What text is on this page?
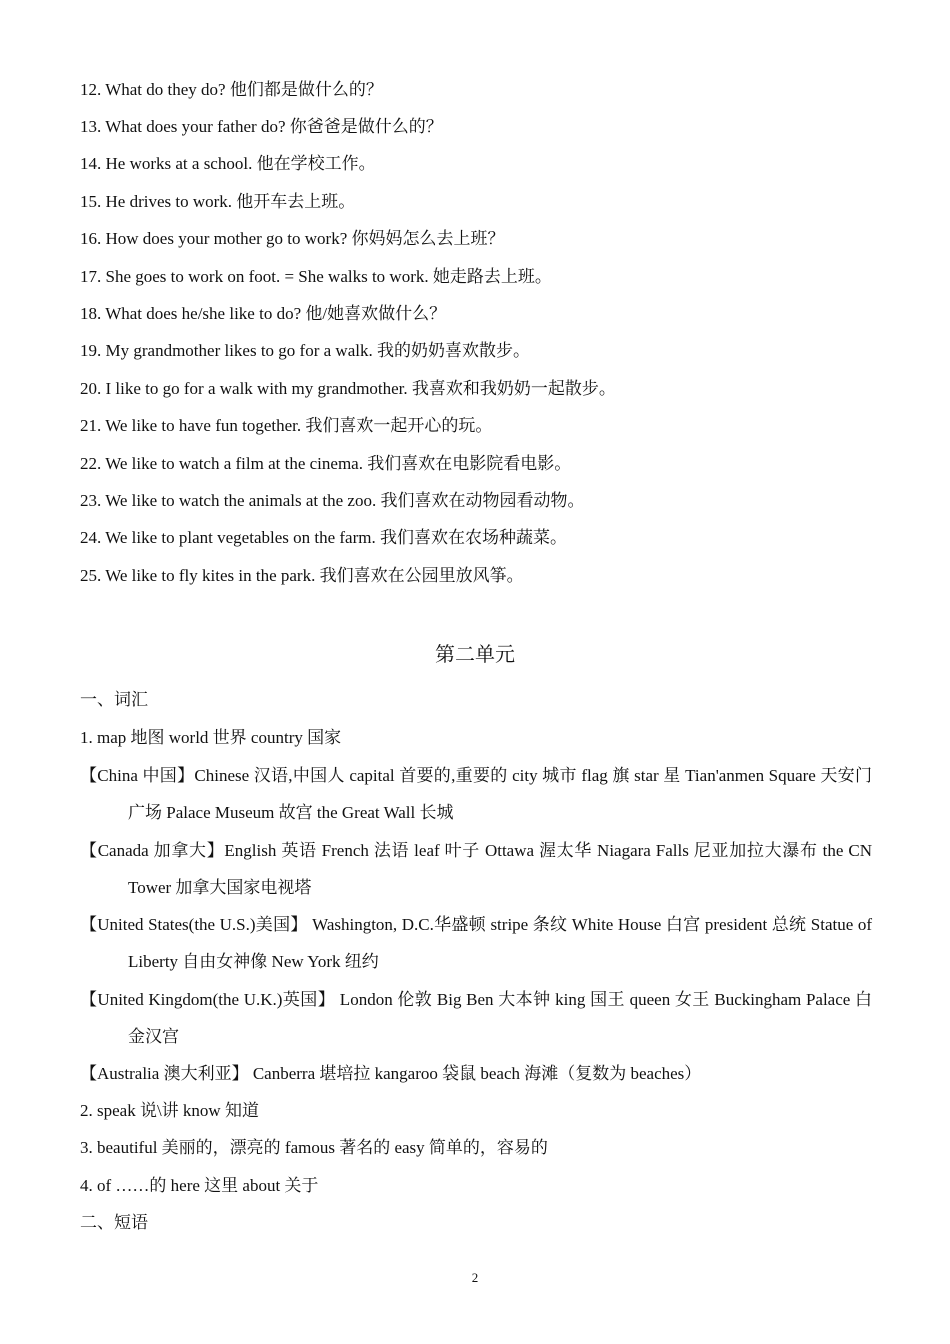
12. What do they do? 他们都是做什么的？
13. What does your father do? 你爸爸是做什么的？
14. He works at a school. 他在学校工作。
15. He drives to work. 他开车去上班。
16. How does your mother go to work? 你妈妈怎么去上班？
17. She goes to work on foot. = She walks to work. 她走路去上班。
18. What does he/she like to do? 他/她喜欢做什么？
19. My grandmother likes to go for a walk. 我的奶奶喜欢散步。
20. I like to go for a walk with my grandmother. 我喜欢和我奶奶一起散步。
21. We like to have fun together. 我们喜欢一起开心的玩。
22. We like to watch a film at the cinema. 我们喜欢在电影院看电影。
23. We like to watch the animals at the zoo. 我们喜欢在动物园看动物。
24. We like to plant vegetables on the farm. 我们喜欢在农场种蔬菜。
25. We like to fly kites in the park. 我们喜欢在公园里放风筝。
第二单元
一、词汇
1. map 地图 world 世界 country 国家
【China 中国】Chinese 汉语,中国人 capital 首要的,重要的 city 城市 flag 旗 star 星 Tian'anmen Square 天安门广场 Palace Museum 故宫 the Great Wall 长城
【Canada 加拿大】English 英语 French 法语 leaf 叶子 Ottawa 渥太华 Niagara Falls 尼亚加拉大瀑布 the CN Tower 加拿大国家电视塔
【United States(the U.S.)美国】 Washington, D.C.华盛顿 stripe 条纹 White House 白宫 president 总统 Statue of Liberty 自由女神像 New York 纽约
【United Kingdom(the U.K.)英国】 London 伦敦 Big Ben 大本钟 king 国王 queen 女王 Buckingham Palace 白金汉宫
【Australia 澳大利亚】 Canberra 堪培拉 kangaroo 袋鼠 beach 海滩（复数为 beaches）
2. speak 说\讲 know 知道
3. beautiful 美丽的，漂亮的 famous 著名的 easy 简单的，容易的
4. of ……的 here 这里 about 关于
二、短语
2
